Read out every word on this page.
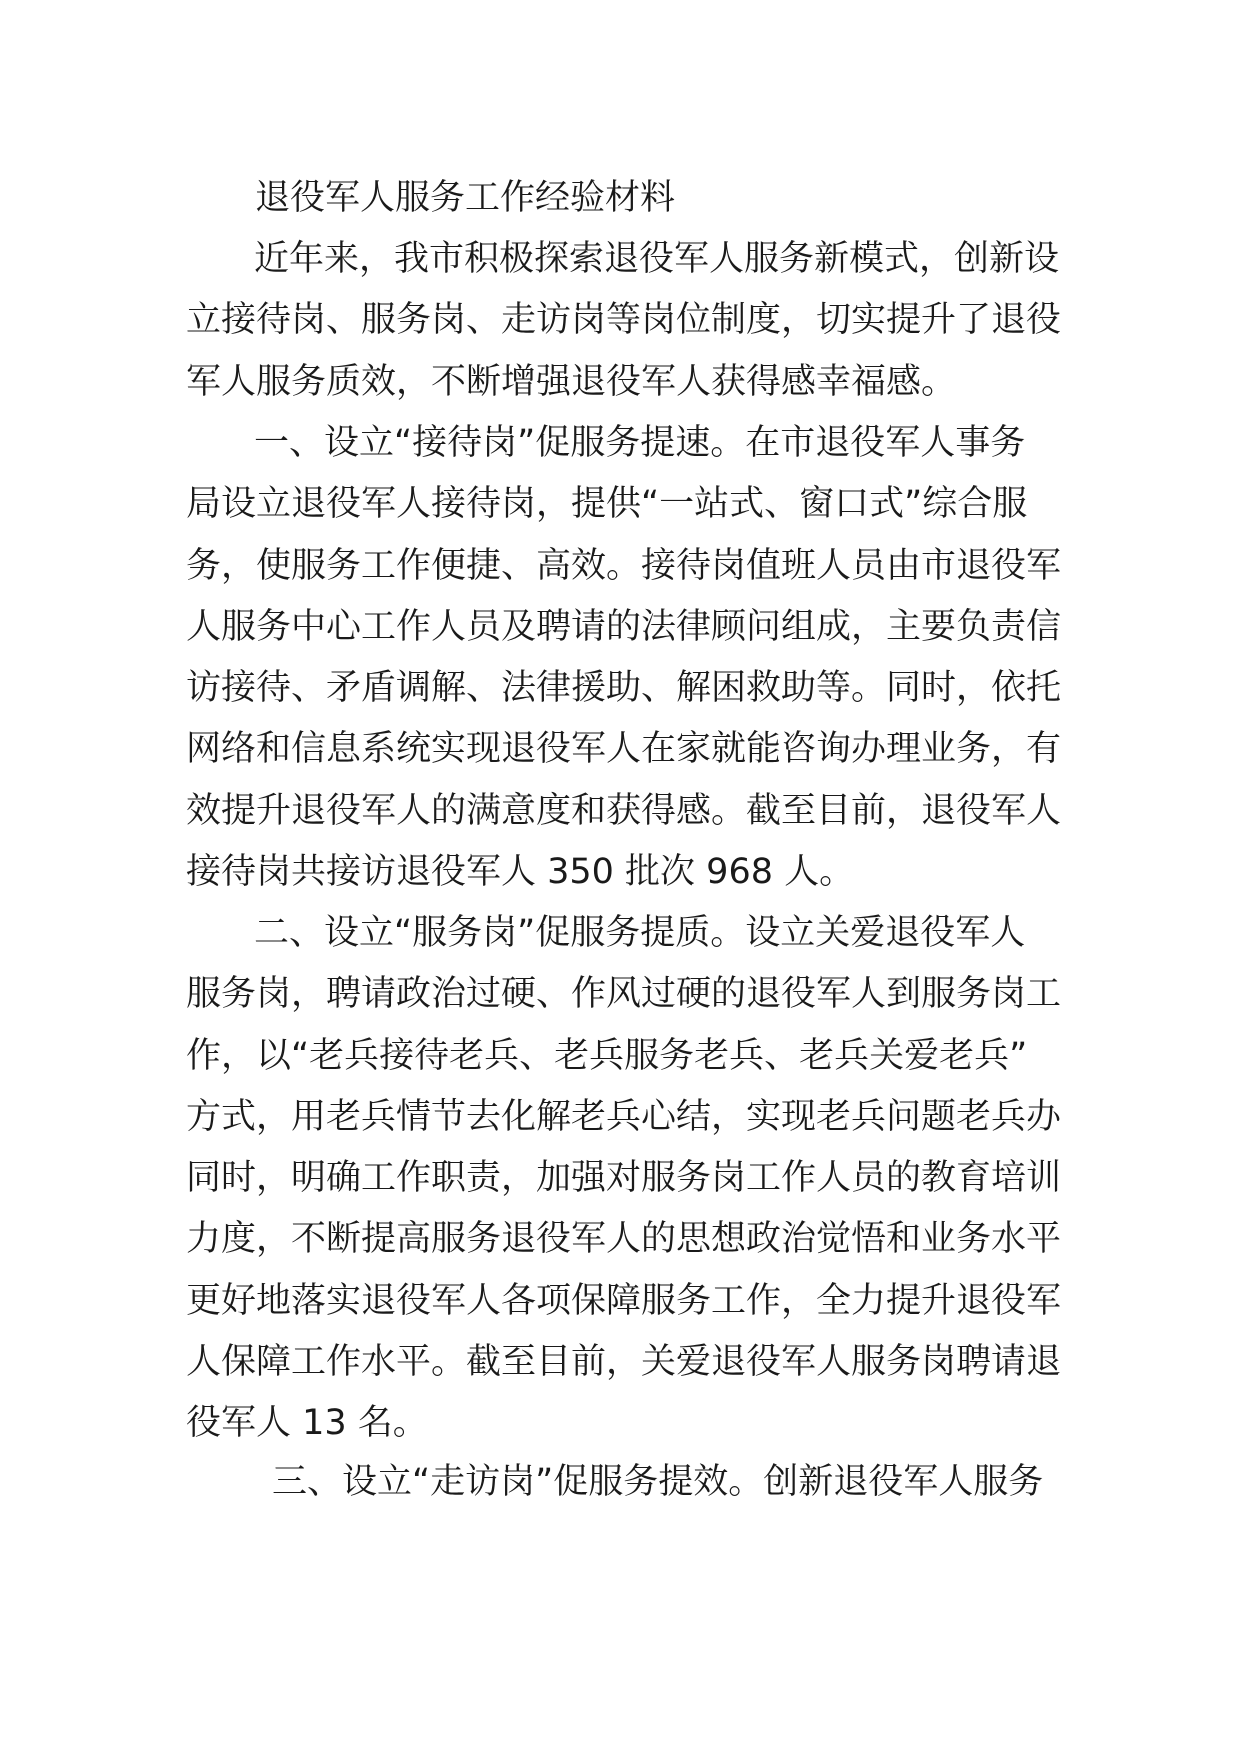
退役军人服务工作经验材料
近年来，我市积极探索退役军人服务新模式，创新设
立接待岗、服务岗、走访岗等岗位制度，切实提升了退役
军人服务质效，不断增强退役军人获得感幸福感。
一、设立“接待岗”促服务提速。在市退役军人事务
局设立退役军人接待岗，提供“一站式、窗口式”综合服
务，使服务工作便捷、高效。接待岗值班人员由市退役军
人服务中心工作人员及聘请的法律顾问组成，主要负责信
访接待、矛盾调解、法律援助、解困救助等。同时，依托
网络和信息系统实现退役军人在家就能咨询办理业务，有
效提升退役军人的满意度和获得感。截至目前，退役军人
接待岗共接访退役军人 350 批次 968 人。
二、设立“服务岗”促服务提质。设立关爱退役军人
服务岗，聘请政治过硬、作风过硬的退役军人到服务岗工
作，以“老兵接待老兵、老兵服务老兵、老兵关爱老兵”
方式，用老兵情节去化解老兵心结，实现老兵问题老兵办
同时，明确工作职责，加强对服务岗工作人员的教育培训
力度，不断提高服务退役军人的思想政治觉悟和业务水平
更好地落实退役军人各项保障服务工作，全力提升退役军
人保障工作水平。截至目前，关爱退役军人服务岗聘请退
役军人 13 名。
三、设立“走访岗”促服务提效。创新退役军人服务
